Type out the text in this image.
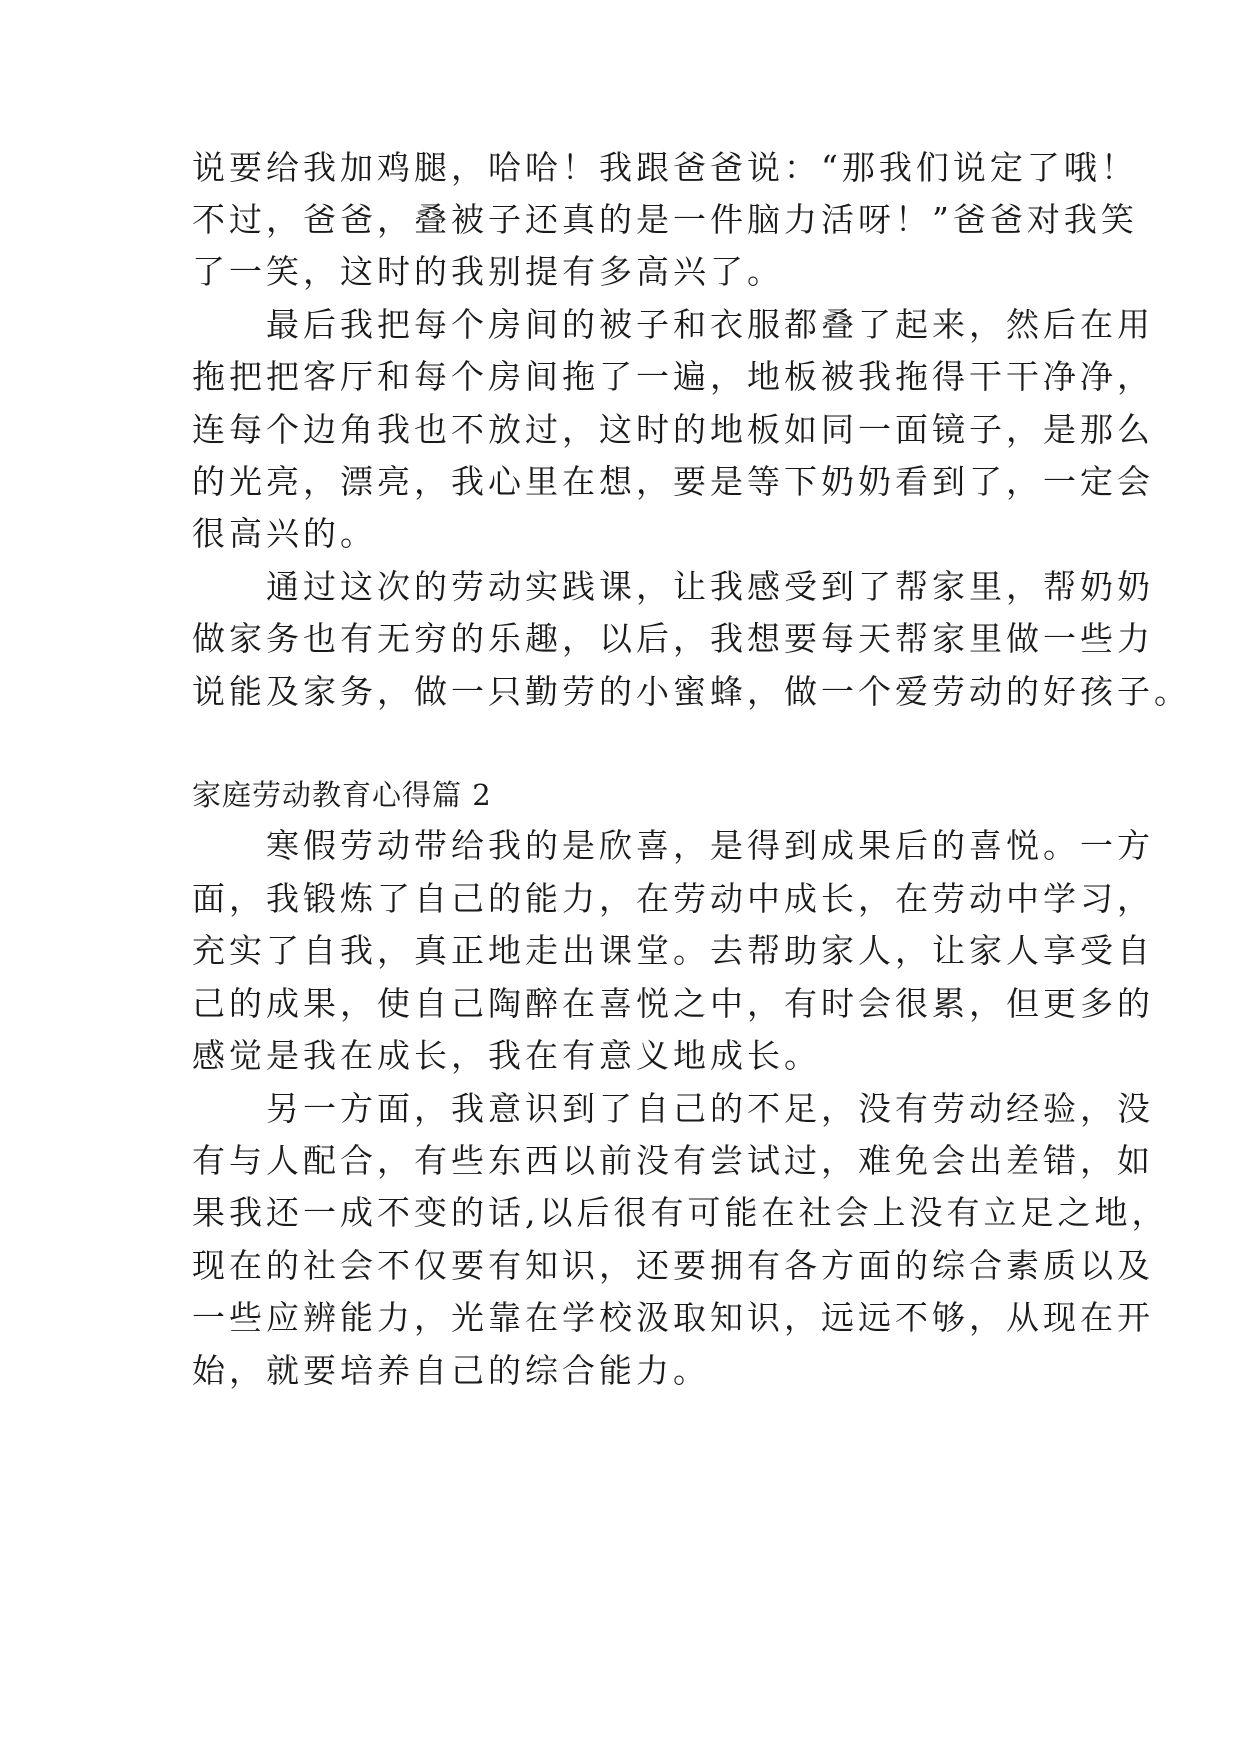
说要给我加鸡腿，哈哈！我跟爸爸说：“那我们说定了哦！
不过，爸爸，叠被子还真的是一件脑力活呀！”爸爸对我笑
了一笑，这时的我别提有多高兴了。
　　最后我把每个房间的被子和衣服都叠了起来，然后在用
拖把把客厅和每个房间拖了一遍，地板被我拖得干干净净，
连每个边角我也不放过，这时的地板如同一面镜子，是那么
的光亮，漂亮，我心里在想，要是等下奶奶看到了，一定会
很高兴的。
　　通过这次的劳动实践课，让我感受到了帮家里，帮奶奶
做家务也有无穷的乐趣，以后，我想要每天帮家里做一些力
说能及家务，做一只勤劳的小蜜蜂，做一个爱劳动的好孩子。
家庭劳动教育心得篇 2
　　寒假劳动带给我的是欣喜，是得到成果后的喜悦。一方
面，我锻炼了自己的能力，在劳动中成长，在劳动中学习，
充实了自我，真正地走出课堂。去帮助家人，让家人享受自
己的成果，使自己陶醉在喜悦之中，有时会很累，但更多的
感觉是我在成长，我在有意义地成长。
　　另一方面，我意识到了自己的不足，没有劳动经验，没
有与人配合，有些东西以前没有尝试过，难免会出差错，如
果我还一成不变的话,以后很有可能在社会上没有立足之地，
现在的社会不仅要有知识，还要拥有各方面的综合素质以及
一些应辨能力，光靠在学校汲取知识，远远不够，从现在开
始，就要培养自己的综合能力。
